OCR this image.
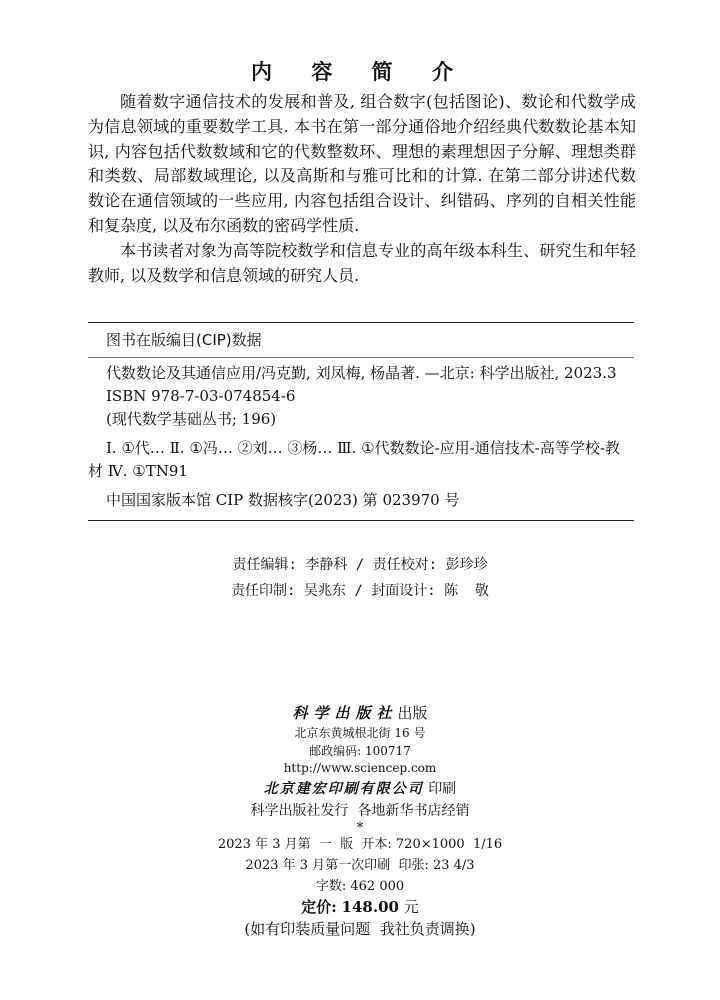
内 容 简 介

随着数字通信技术的发展和普及, 组合数字(包括图论)、数论和代数学成为信息领域的重要数学工具. 本书在第一部分通俗地介绍经典代数数论基本知识, 内容包括代数数域和它的代数整数环、理想的素理想因子分解、理想类群和类数、局部数域理论, 以及高斯和与雅可比和的计算. 在第二部分讲述代数数论在通信领域的一些应用, 内容包括组合设计、纠错码、序列的自相关性能和复杂度, 以及布尔函数的密码学性质.

本书读者对象为高等院校数学和信息专业的高年级本科生、研究生和年轻教师, 以及数学和信息领域的研究人员.

图书在版编目(CIP)数据
代数数论及其通信应用/冯克勤, 刘凤梅, 杨晶著. —北京: 科学出版社, 2023.3
ISBN 978-7-03-074854-6
(现代数学基础丛书; 196)
Ⅰ. ①代… Ⅱ. ①冯… ②刘… ③杨… Ⅲ. ①代数数论-应用-通信技术-高等学校-教材 Ⅳ. ①TN91
中国国家版本馆 CIP 数据核字(2023) 第 023970 号
责任编辑: 李静科 / 责任校对: 彭珍珍
责任印制: 吴兆东 / 封面设计: 陈  敬
科学出版社出版
北京东黄城根北街 16 号
邮政编码: 100717
http://www.sciencep.com
北京建宏印刷有限公司 印刷
科学出版社发行  各地新华书店经销
*
2023 年 3 月第  一  版  开本: 720×1000  1/16
2023 年 3 月第一次印刷  印张: 23 4/3
字数: 462 000
定价: 148.00 元
(如有印装质量问题  我社负责调换)
